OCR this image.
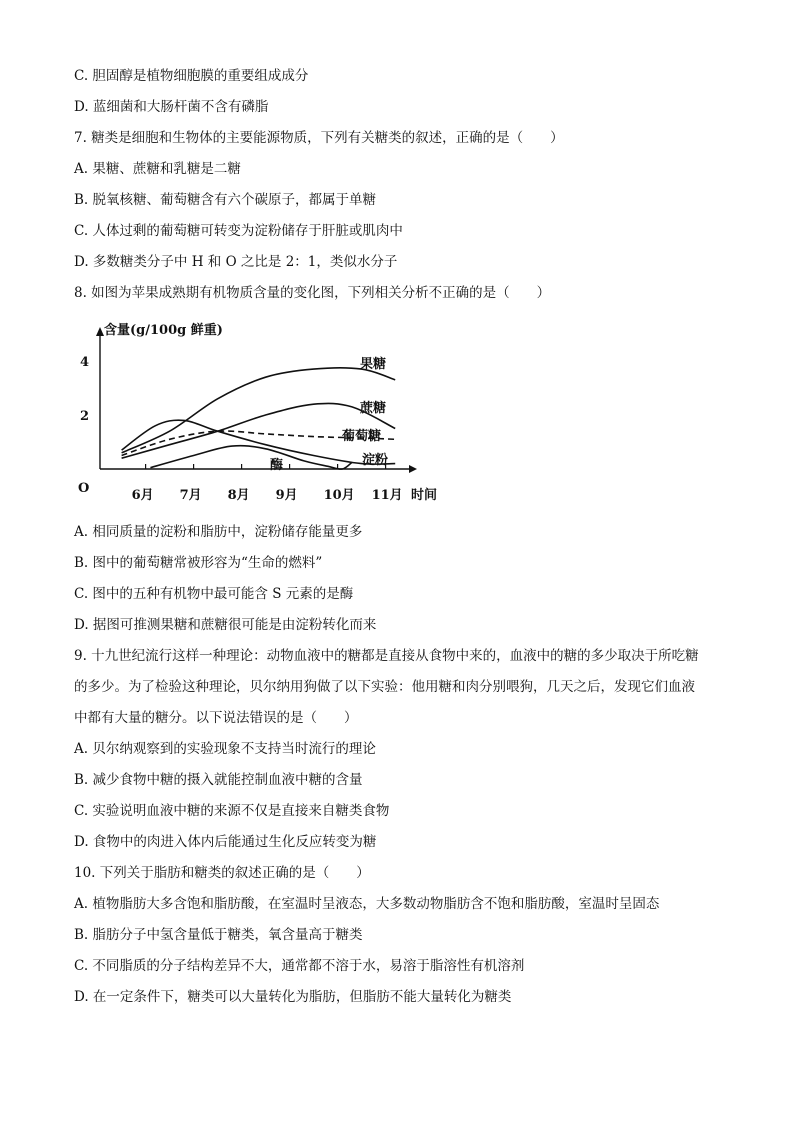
C. 胆固醇是植物细胞膜的重要组成成分
D. 蓝细菌和大肠杆菌不含有磷脂
7. 糖类是细胞和生物体的主要能源物质，下列有关糖类的叙述，正确的是（　　）
A. 果糖、蔗糖和乳糖是二糖
B. 脱氧核糖、葡萄糖含有六个碳原子，都属于单糖
C. 人体过剩的葡萄糖可转变为淀粉储存于肝脏或肌肉中
D. 多数糖类分子中 H 和 O 之比是 2：1，类似水分子
8. 如图为苹果成熟期有机物质含量的变化图，下列相关分析不正确的是（　　）
A. 相同质量的淀粉和脂肪中，淀粉储存能量更多
B. 图中的葡萄糖常被形容为“生命的燃料”
C. 图中的五种有机物中最可能含 S 元素的是酶
D. 据图可推测果糖和蔗糖很可能是由淀粉转化而来
9. 十九世纪流行这样一种理论：动物血液中的糖都是直接从食物中来的，血液中的糖的多少取决于所吃糖
的多少。为了检验这种理论，贝尔纳用狗做了以下实验：他用糖和肉分别喂狗，几天之后，发现它们血液
中都有大量的糖分。以下说法错误的是（　　）
A. 贝尔纳观察到的实验现象不支持当时流行的理论
B. 减少食物中糖的摄入就能控制血液中糖的含量
C. 实验说明血液中糖的来源不仅是直接来自糖类食物
D. 食物中的肉进入体内后能通过生化反应转变为糖
10. 下列关于脂肪和糖类的叙述正确的是（　　）
A. 植物脂肪大多含饱和脂肪酸，在室温时呈液态，大多数动物脂肪含不饱和脂肪酸，室温时呈固态
B. 脂肪分子中氢含量低于糖类，氧含量高于糖类
C. 不同脂质的分子结构差异不大，通常都不溶于水，易溶于脂溶性有机溶剂
D. 在一定条件下，糖类可以大量转化为脂肪，但脂肪不能大量转化为糖类
O
含量(g/100g 鲜重)
时间
2
4
6月 7月 8月 9月 10月 11月
果糖
蔗糖
葡萄糖
淀粉
酶
